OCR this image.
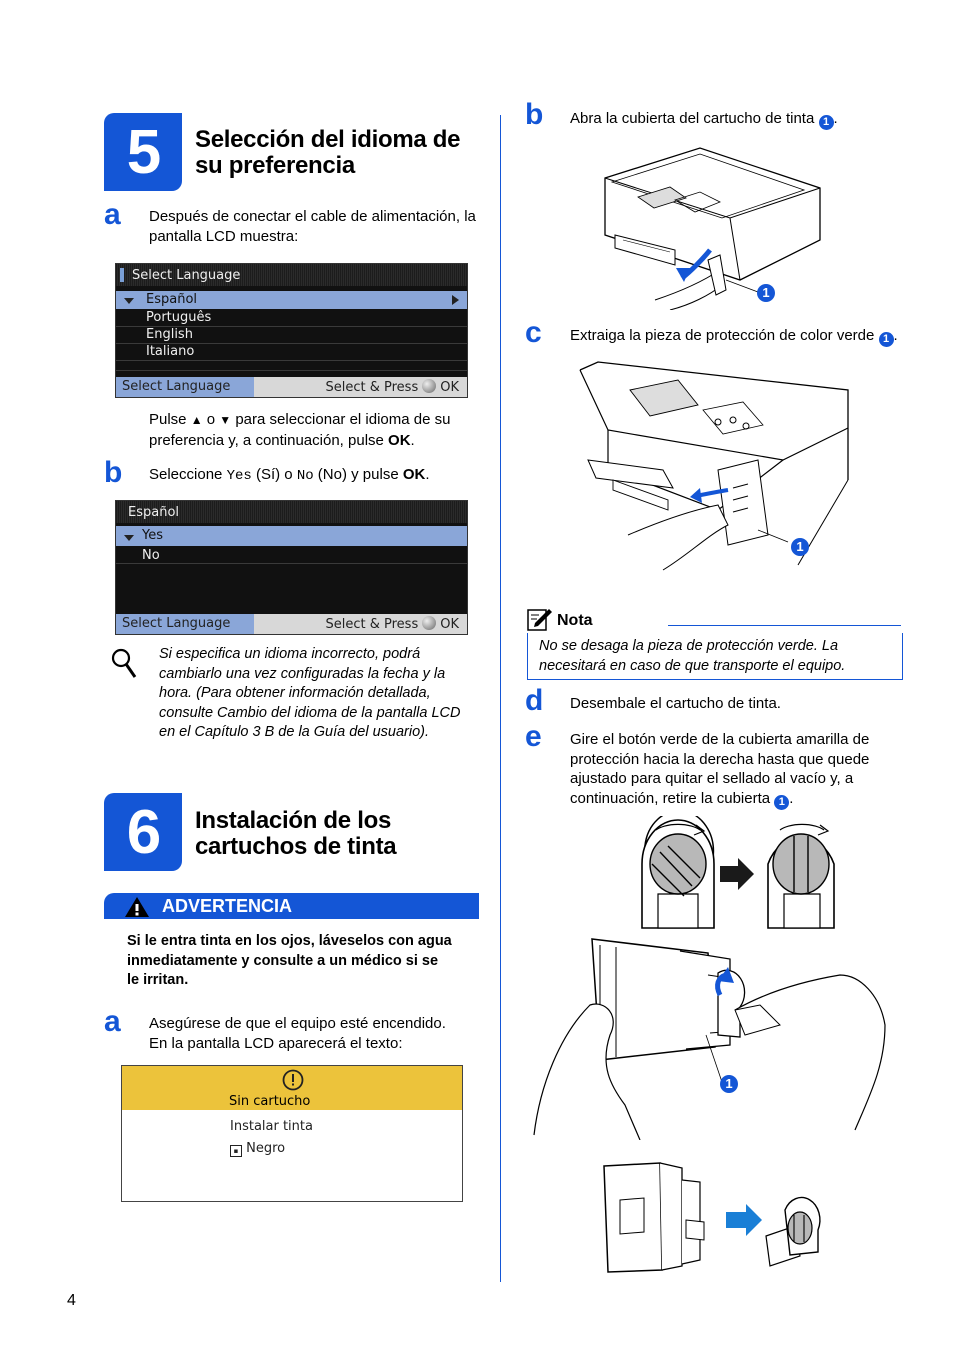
5 Selección del idioma de
su preferencia
a Después de conectar el cable de alimentación, la
pantalla LCD muestra:
Select Language
Español
Português
English
Italiano
Select Language	Select & Press OK
Pulse ▲ o ▼ para seleccionar el idioma de su
preferencia y, a continuación, pulse OK.
b Seleccione Yes (Sí) o No (No) y pulse OK.
Español
Yes
No
Select Language	Select & Press OK
Si especifica un idioma incorrecto, podrá
cambiarlo una vez configuradas la fecha y la
hora. (Para obtener información detallada,
consulte Cambio del idioma de la pantalla LCD
en el Capítulo 3 B de la Guía del usuario).
6 Instalación de los
cartuchos de tinta
ADVERTENCIA
Si le entra tinta en los ojos, láveselos con agua
inmediatamente y consulte a un médico si se
le irritan.
a Asegúrese de que el equipo esté encendido.
En la pantalla LCD aparecerá el texto:
Sin cartucho
Instalar tinta
▪ Negro
b Abra la cubierta del cartucho de tinta 1 .
1
c Extraiga la pieza de protección de color verde 1 .
1
Nota
No se desaga la pieza de protección verde. La
necesitará en caso de que transporte el equipo.
d Desembale el cartucho de tinta.
e Gire el botón verde de la cubierta amarilla de
protección hacia la derecha hasta que quede
ajustado para quitar el sellado al vacío y, a
continuación, retire la cubierta 1 .
1
4
